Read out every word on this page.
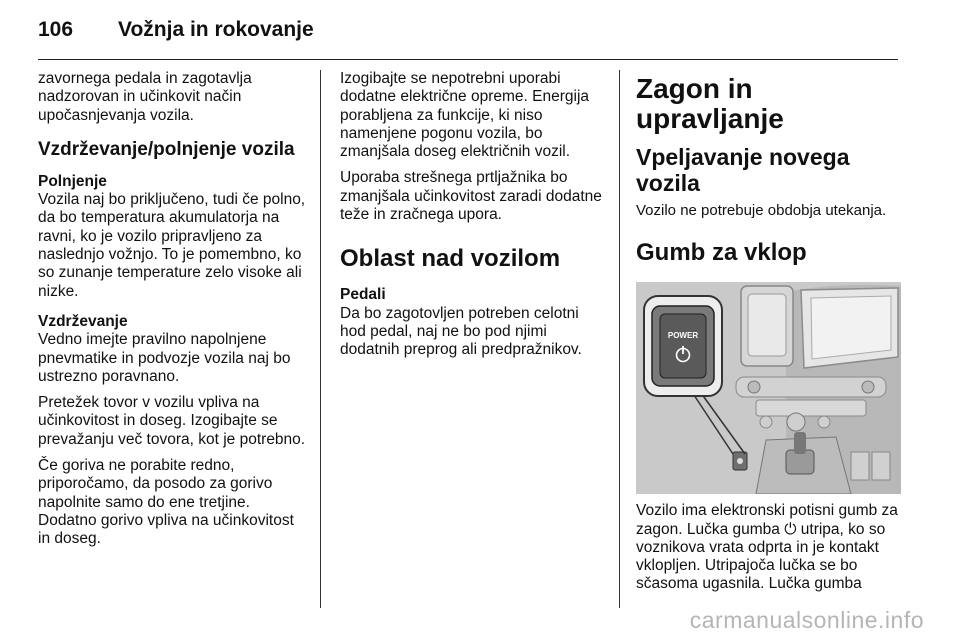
106	Vožnja in rokovanje

zavornega pedala in zagotavlja nadzorovan in učinkovit način upočasnjevanja vozila.

Vzdrževanje/polnjenje vozila
Polnjenje

Vozila naj bo priključeno, tudi če polno, da bo temperatura akumulatorja na ravni, ko je vozilo pripravljeno za naslednjo vožnjo. To je pomembno, ko so zunanje temperature zelo visoke ali nizke.

Vzdrževanje

Vedno imejte pravilno napolnjene pnevmatike in podvozje vozila naj bo ustrezno poravnano.

Pretežek tovor v vozilu vpliva na učinkovitost in doseg. Izogibajte se prevažanju več tovora, kot je potrebno.

Če goriva ne porabite redno, priporočamo, da posodo za gorivo napolnite samo do ene tretjine. Dodatno gorivo vpliva na učinkovitost in doseg.

Izogibajte se nepotrebni uporabi dodatne električne opreme. Energija porabljena za funkcije, ki niso namenjene pogonu vozila, bo zmanjšala doseg električnih vozil.

Uporaba strešnega prtljažnika bo zmanjšala učinkovitost zaradi dodatne teže in zračnega upora.

Oblast nad vozilom
Pedali

Da bo zagotovljen potreben celotni hod pedal, naj ne bo pod njimi dodatnih preprog ali predpražnikov.

Zagon in upravljanje
Vpeljavanje novega vozila

Vozilo ne potrebuje obdobja utekanja.

Gumb za vklop
POWER

Vozilo ima elektronski potisni gumb za zagon. Lučka gumba ⏻ utripa, ko so voznikova vrata odprta in je kontakt vklopljen. Utripajoča lučka se bo sčasoma ugasnila. Lučka gumba

carmanualsonline.info
